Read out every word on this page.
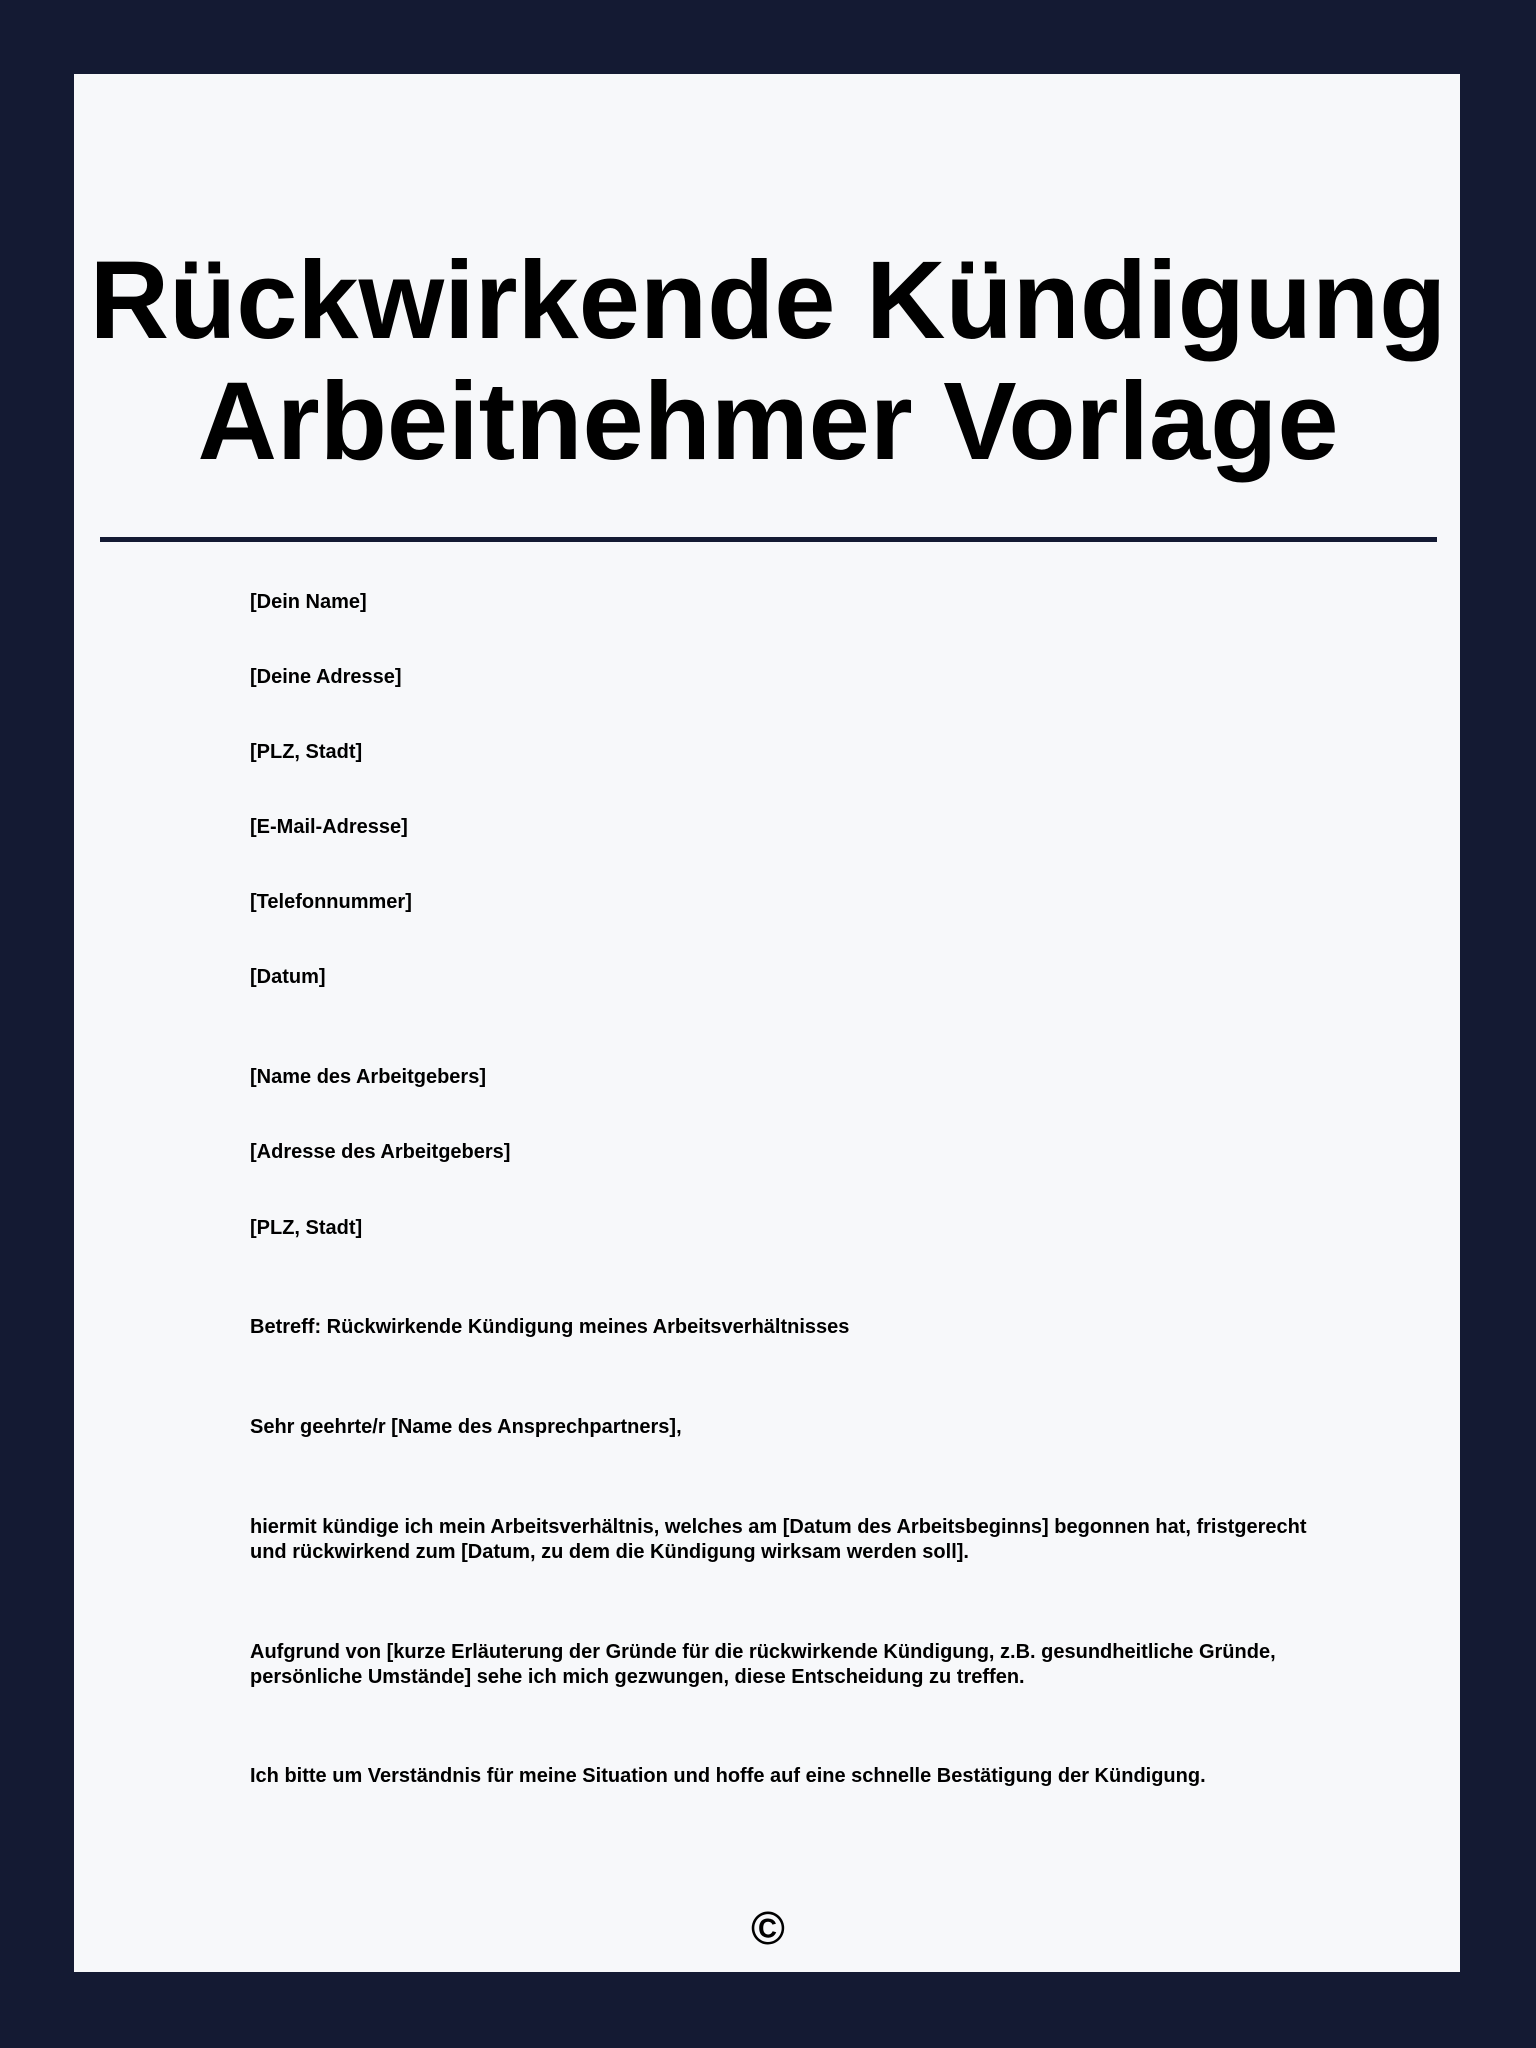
Rückwirkende Kündigung
Arbeitnehmer Vorlage
[Dein Name]
[Deine Adresse]
[PLZ, Stadt]
[E-Mail-Adresse]
[Telefonnummer]
[Datum]
[Name des Arbeitgebers]
[Adresse des Arbeitgebers]
[PLZ, Stadt]
Betreff: Rückwirkende Kündigung meines Arbeitsverhältnisses
Sehr geehrte/r [Name des Ansprechpartners],
hiermit kündige ich mein Arbeitsverhältnis, welches am [Datum des Arbeitsbeginns] begonnen hat, fristgerecht und rückwirkend zum [Datum, zu dem die Kündigung wirksam werden soll].
Aufgrund von [kurze Erläuterung der Gründe für die rückwirkende Kündigung, z.B. gesundheitliche Gründe, persönliche Umstände] sehe ich mich gezwungen, diese Entscheidung zu treffen.
Ich bitte um Verständnis für meine Situation und hoffe auf eine schnelle Bestätigung der Kündigung.
©
